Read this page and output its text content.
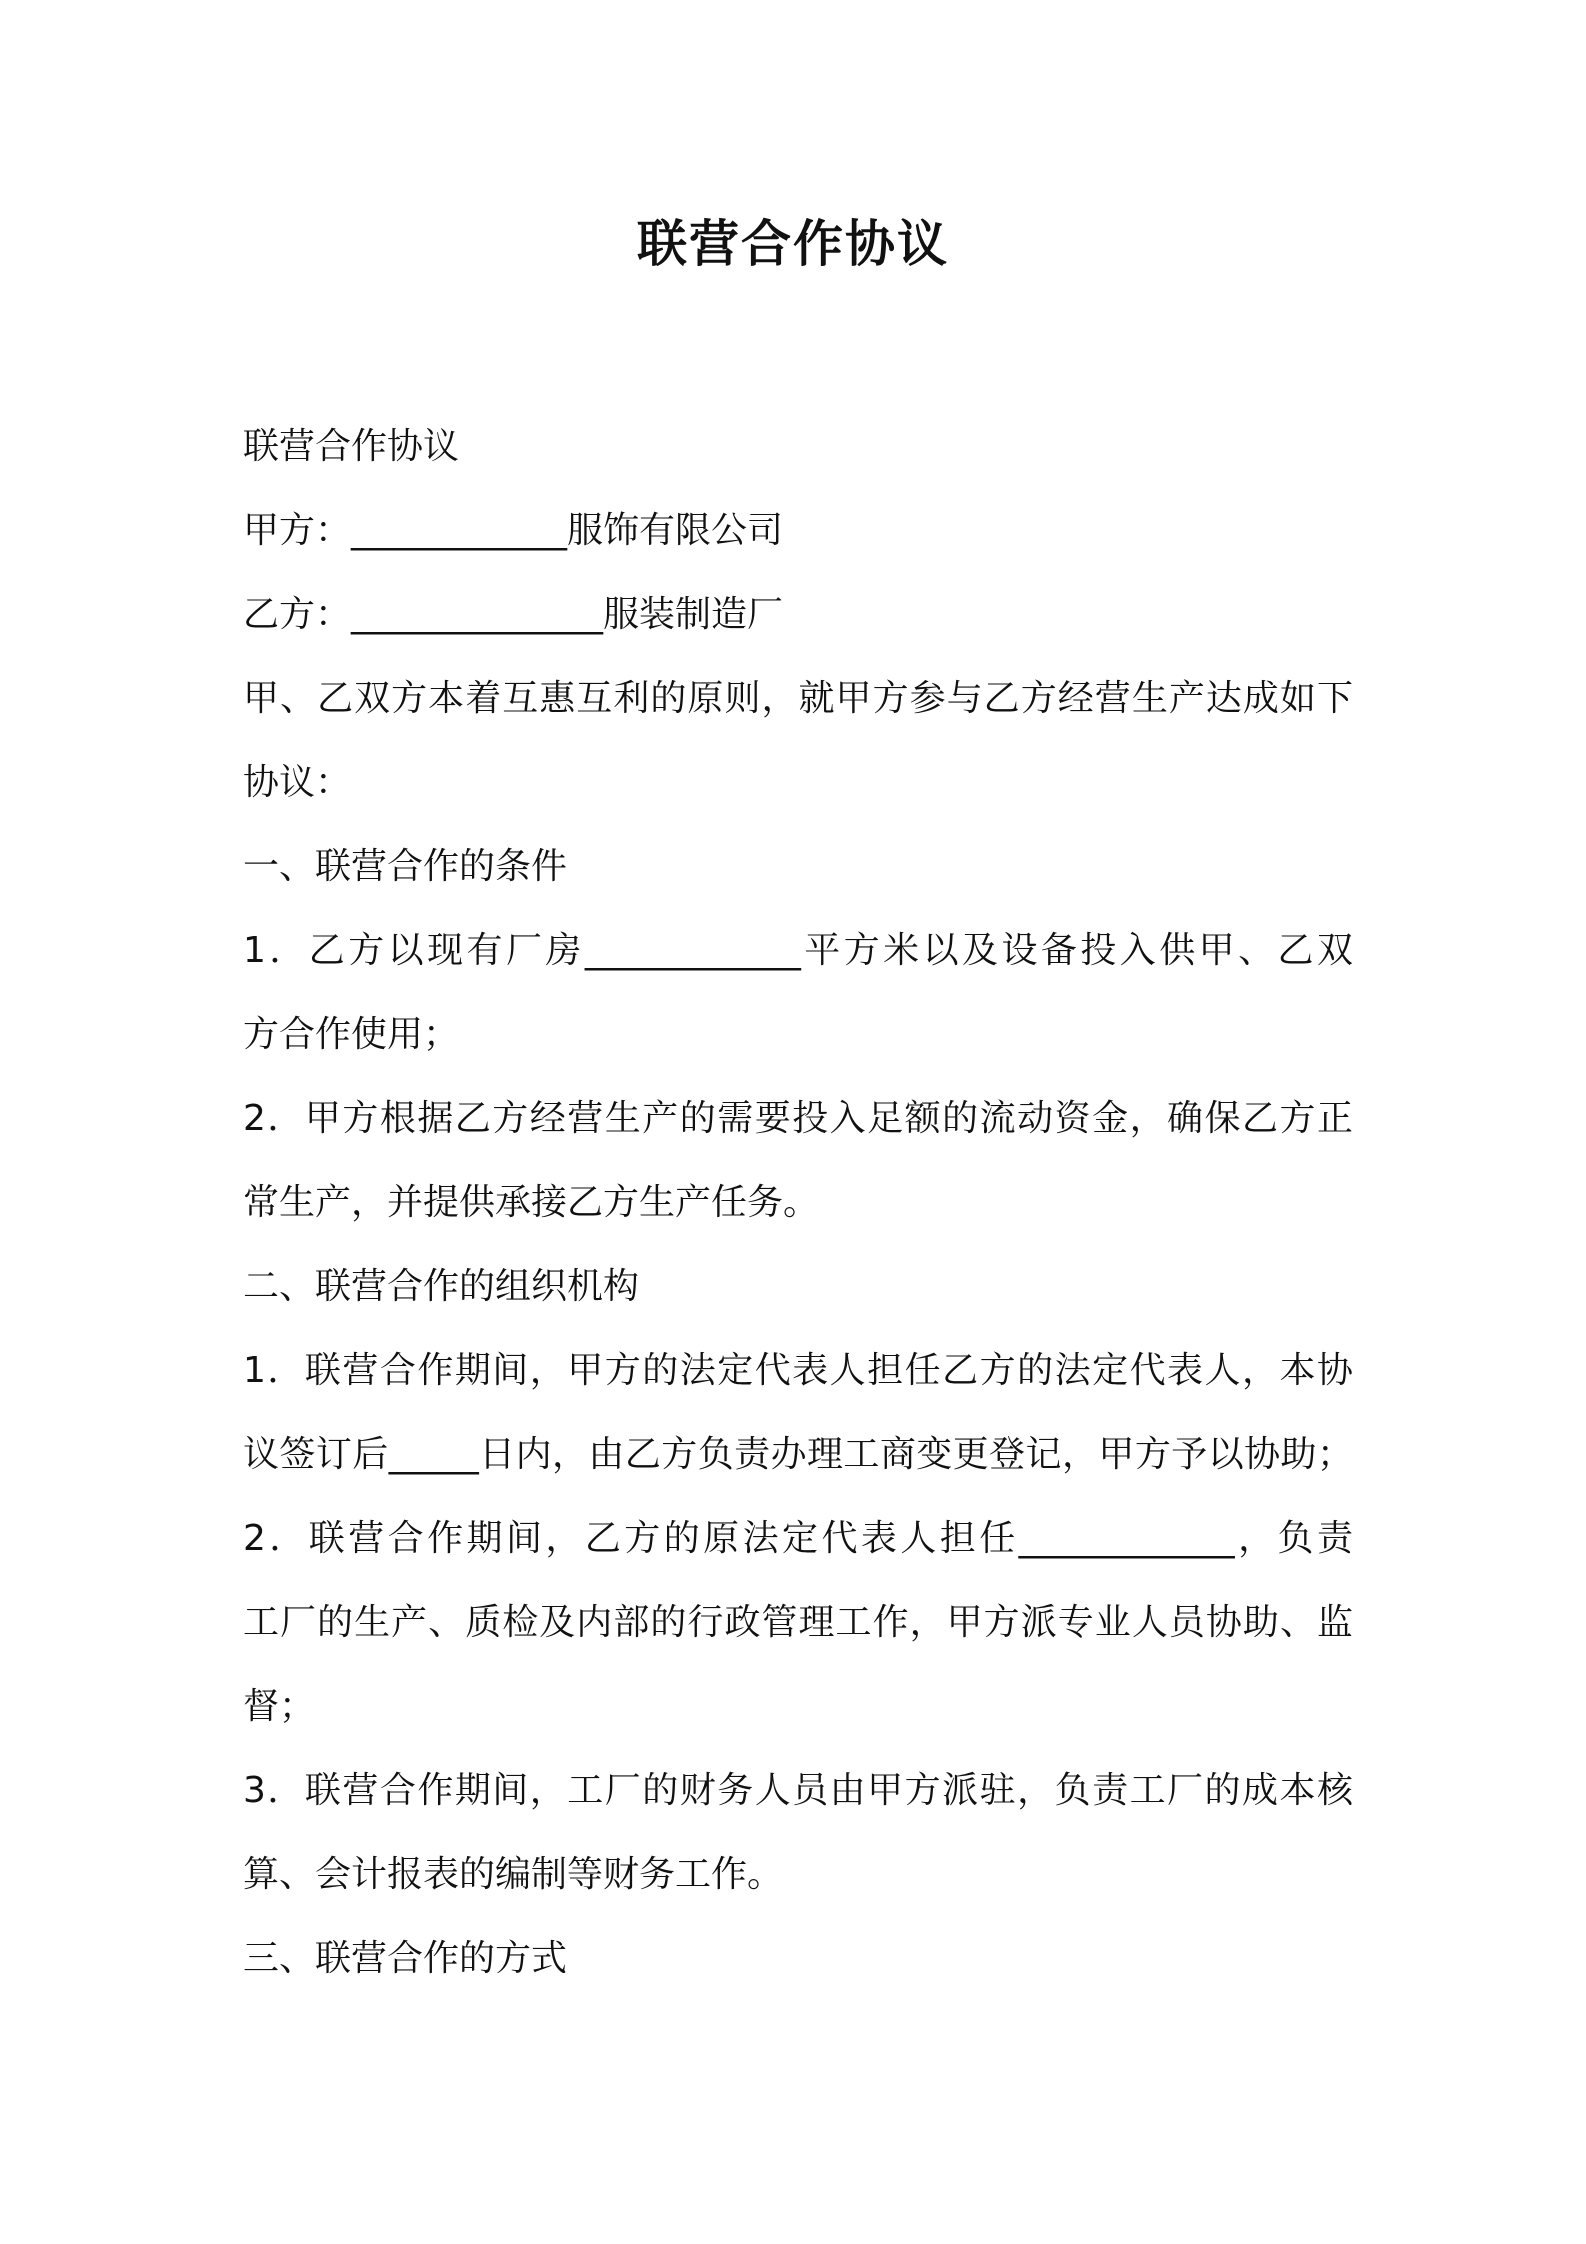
联营合作协议

联营合作协议

甲方：____________服饰有限公司

乙方：______________服装制造厂

甲、乙双方本着互惠互利的原则，就甲方参与乙方经营生产达成如下

协议：

一、联营合作的条件

1．乙方以现有厂房____________平方米以及设备投入供甲、乙双

方合作使用；

2．甲方根据乙方经营生产的需要投入足额的流动资金，确保乙方正

常生产，并提供承接乙方生产任务。

二、联营合作的组织机构

1．联营合作期间，甲方的法定代表人担任乙方的法定代表人，本协

议签订后_____日内，由乙方负责办理工商变更登记，甲方予以协助；

2．联营合作期间，乙方的原法定代表人担任____________，负责

工厂的生产、质检及内部的行政管理工作，甲方派专业人员协助、监

督；

3．联营合作期间，工厂的财务人员由甲方派驻，负责工厂的成本核

算、会计报表的编制等财务工作。

三、联营合作的方式
